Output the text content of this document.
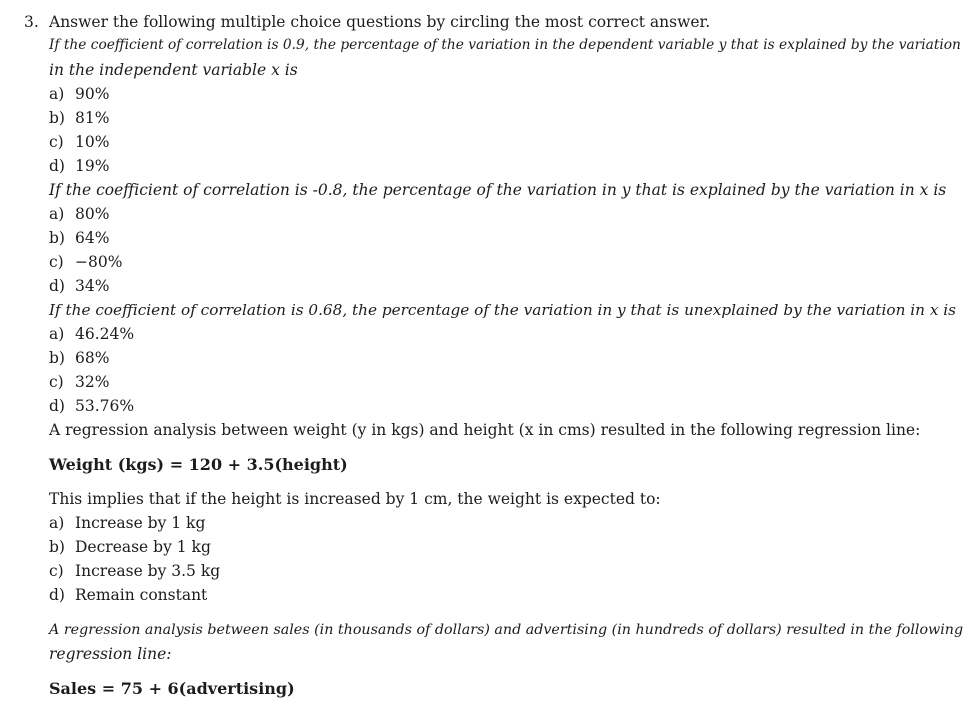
3. Answer the following multiple choice questions by circling the most correct answer.
If the coefficient of correlation is 0.9, the percentage of the variation in the dependent variable y that is explained by the variation
in the independent variable x is
a) 90%
b) 81%
c) 10%
d) 19%
If the coefficient of correlation is -0.8, the percentage of the variation in y that is explained by the variation in x is
a) 80%
b) 64%
c) −80%
d) 34%
If the coefficient of correlation is 0.68, the percentage of the variation in y that is unexplained by the variation in x is
a) 46.24%
b) 68%
c) 32%
d) 53.76%
A regression analysis between weight (y in kgs) and height (x in cms) resulted in the following regression line:
Weight (kgs) = 120 + 3.5(height)
This implies that if the height is increased by 1 cm, the weight is expected to:
a) Increase by 1 kg
b) Decrease by 1 kg
c) Increase by 3.5 kg
d) Remain constant
A regression analysis between sales (in thousands of dollars) and advertising (in hundreds of dollars) resulted in the following
regression line:
Sales = 75 + 6(advertising)
